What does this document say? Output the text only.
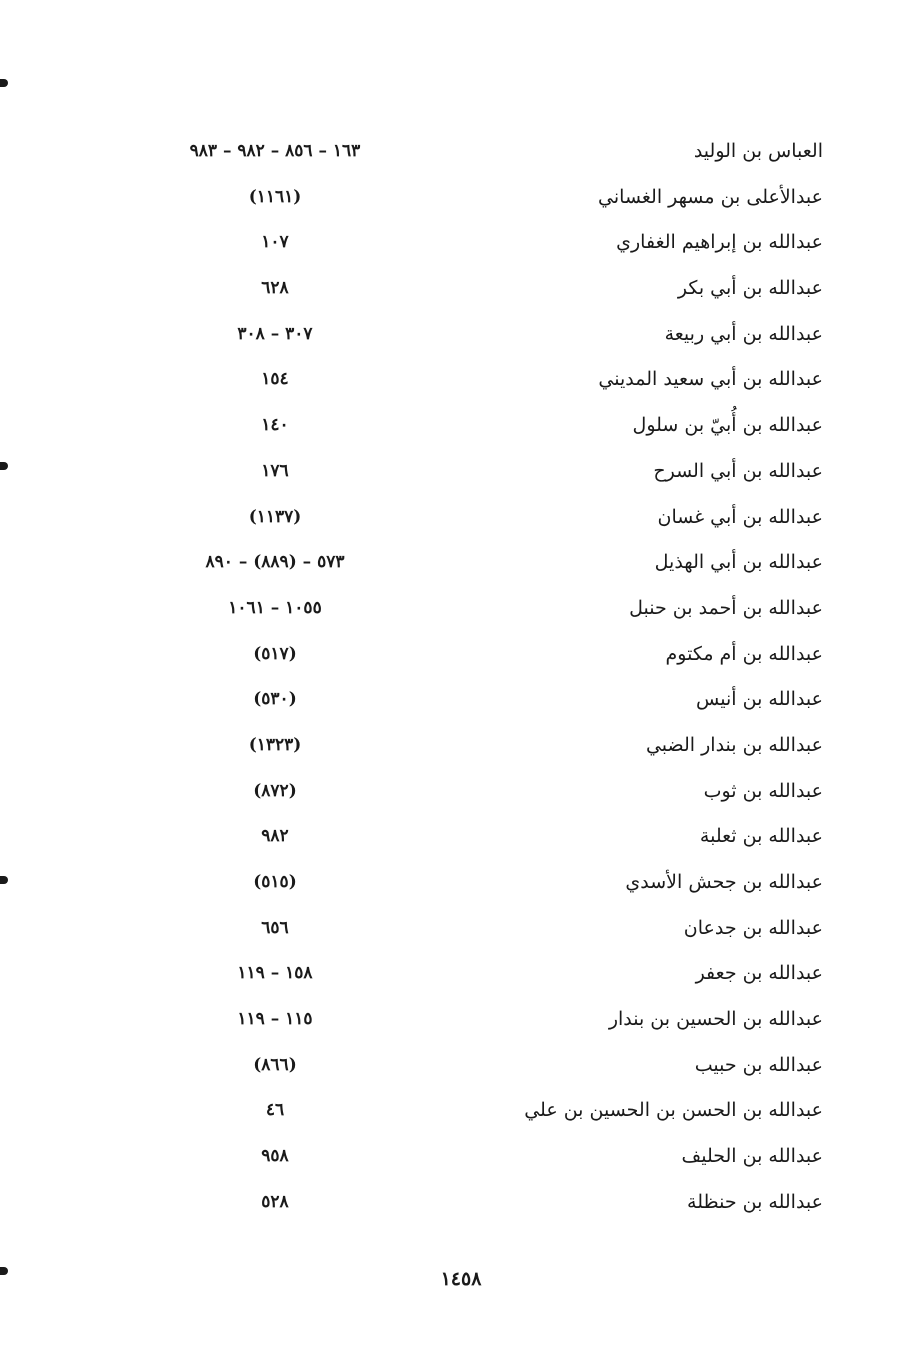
العباس بن الوليد
١٦٣ – ٨٥٦ – ٩٨٢ – ٩٨٣
عبدالأعلى بن مسهر الغساني
(١١٦١)
عبدالله بن إبراهيم الغفاري
١٠٧
عبدالله بن أبي بكر
٦٢٨
عبدالله بن أبي ربيعة
٣٠٧ – ٣٠٨
عبدالله بن أبي سعيد المديني
١٥٤
عبدالله بن أُبيّ بن سلول
١٤٠
عبدالله بن أبي السرح
١٧٦
عبدالله بن أبي غسان
(١١٣٧)
عبدالله بن أبي الهذيل
٥٧٣ – (٨٨٩) – ٨٩٠
عبدالله بن أحمد بن حنبل
١٠٥٥ – ١٠٦١
عبدالله بن أم مكتوم
(٥١٧)
عبدالله بن أنيس
(٥٣٠)
عبدالله بن بندار الضبي
(١٣٢٣)
عبدالله بن ثوب
(٨٧٢)
عبدالله بن ثعلبة
٩٨٢
عبدالله بن جحش الأسدي
(٥١٥)
عبدالله بن جدعان
٦٥٦
عبدالله بن جعفر
١٥٨ – ١١٩
عبدالله بن الحسين بن بندار
١١٥ – ١١٩
عبدالله بن حبيب
(٨٦٦)
عبدالله بن الحسن بن الحسين بن علي
٤٦
عبدالله بن الحليف
٩٥٨
عبدالله بن حنظلة
٥٢٨
١٤٥٨
